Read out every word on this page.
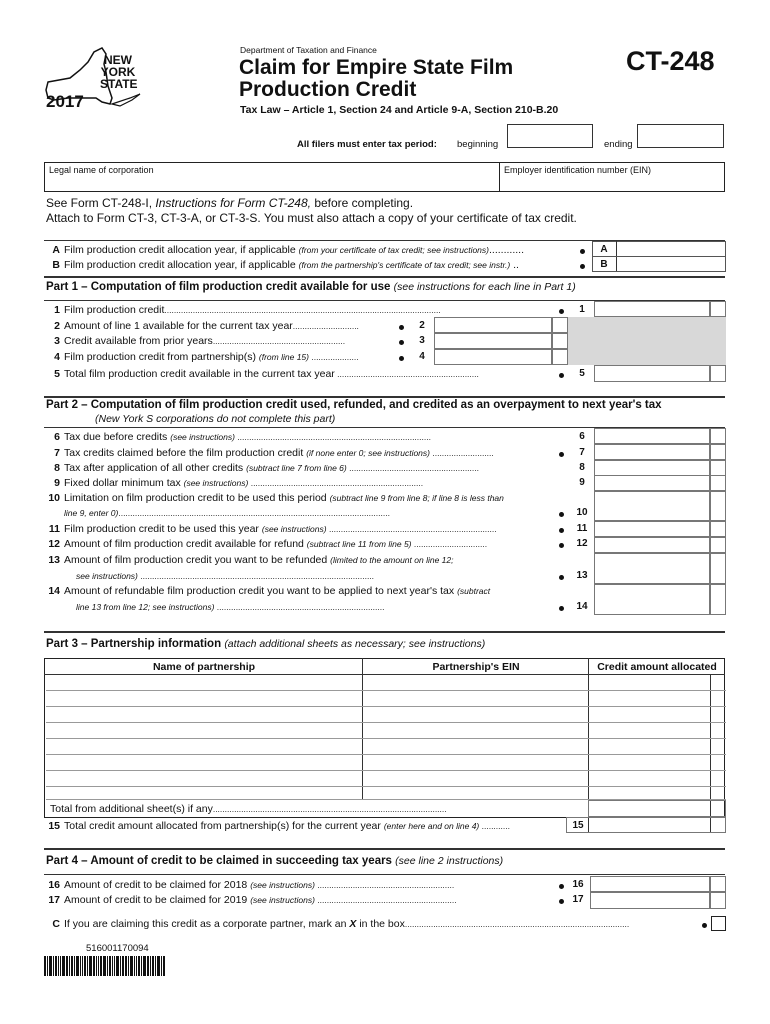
NEW
YORK
STATE
2017
Department of Taxation and Finance
Claim for Empire State Film
Production Credit
Tax Law – Article 1, Section 24 and Article 9-A, Section 210-B.20
CT-248
All filers must enter tax period: beginning	ending
Legal name of corporation	Employer identification number (EIN)
See Form CT-248-I, Instructions for Form CT-248, before completing.
Attach to Form CT-3, CT-3-A, or CT-3-S. You must also attach a copy of your certificate of tax credit.
A Film production credit allocation year, if applicable (from your certificate of tax credit; see instructions)............	A
B Film production credit allocation year, if applicable (from the partnership's certificate of tax credit; see instr.) ..	B
Part 1 – Computation of film production credit available for use (see instructions for each line in Part 1)
1 Film production credit.....................................................................................................................	1
2 Amount of line 1 available for the current tax year............................	2
3 Credit available from prior years........................................................	3
4 Film production credit from partnership(s) (from line 15) ....................	4
5 Total film production credit available in the current tax year ............................................................	5
Part 2 – Computation of film production credit used, refunded, and credited as an overpayment to next year's tax
(New York S corporations do not complete this part)
6 Tax due before credits (see instructions) ..................................................................................	6
7 Tax credits claimed before the film production credit (if none enter 0; see instructions) ..........................	7
8 Tax after application of all other credits (subtract line 7 from line 6) .......................................................	8
9 Fixed dollar minimum tax (see instructions) .........................................................................	9
10 Limitation on film production credit to be used this period (subtract line 9 from line 8; if line 8 is less than
line 9, enter 0)...................................................................................................................	10
11 Film production credit to be used this year (see instructions) .......................................................................	11
12 Amount of film production credit available for refund (subtract line 11 from line 5) ...............................	12
13 Amount of film production credit you want to be refunded (limited to the amount on line 12;
see instructions) ...................................................................................................	13
14 Amount of refundable film production credit you want to be applied to next year's tax (subtract
line 13 from line 12; see instructions) .......................................................................	14
Part 3 – Partnership information (attach additional sheets as necessary; see instructions)
Name of partnership	Partnership's EIN	Credit amount allocated
Total from additional sheet(s) if any...................................................................................................
15 Total credit amount allocated from partnership(s) for the current year (enter here and on line 4) ............	15
Part 4 – Amount of credit to be claimed in succeeding tax years (see line 2 instructions)
16 Amount of credit to be claimed for 2018 (see instructions) ..........................................................	16
17 Amount of credit to be claimed for 2019 (see instructions) ...........................................................	17
C If you are claiming this credit as a corporate partner, mark an X in the box...............................................................................................
516001170094
